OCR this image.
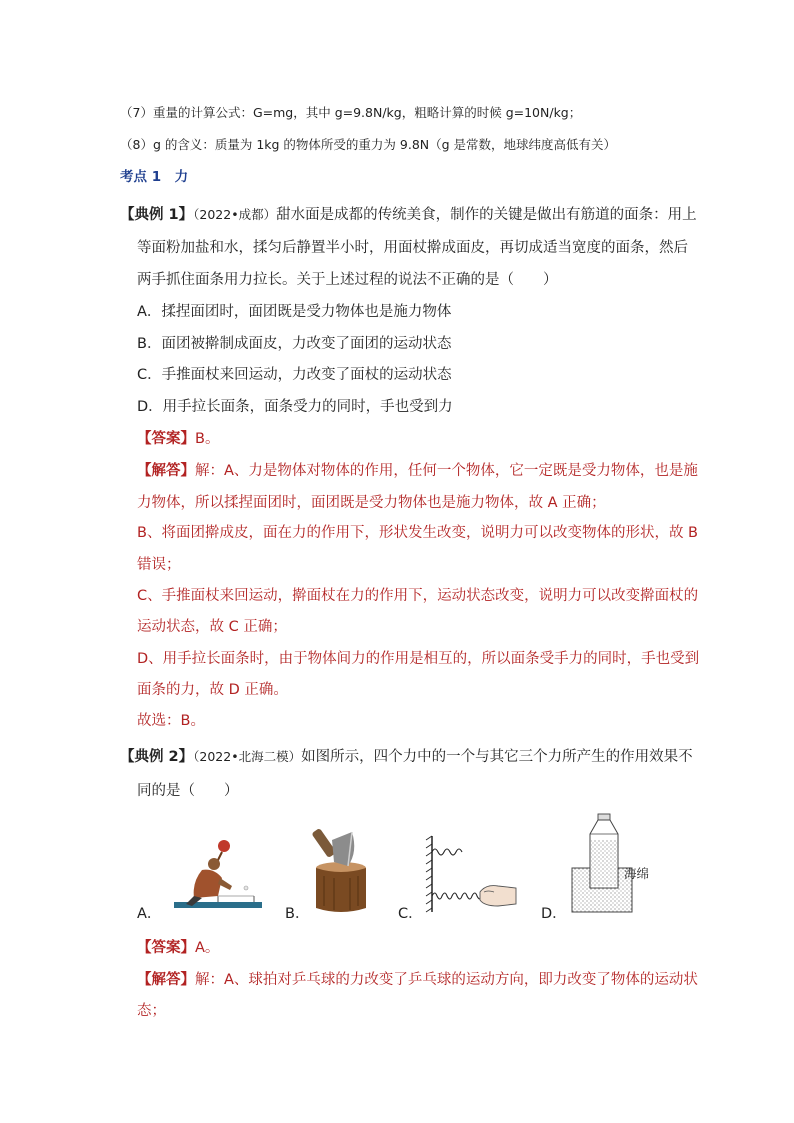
（7）重量的计算公式：G=mg，其中 g=9.8N/kg，粗略计算的时候 g=10N/kg；
（8）g 的含义：质量为 1kg 的物体所受的重力为 9.8N（g 是常数，地球纬度高低有关）
考点 1　力
【典例 1】（2022•成都）甜水面是成都的传统美食，制作的关键是做出有筋道的面条：用上
等面粉加盐和水，揉匀后静置半小时，用面杖擀成面皮，再切成适当宽度的面条，然后
两手抓住面条用力拉长。关于上述过程的说法不正确的是（　　）
A．揉捏面团时，面团既是受力物体也是施力物体
B．面团被擀制成面皮，力改变了面团的运动状态
C．手推面杖来回运动，力改变了面杖的运动状态
D．用手拉长面条，面条受力的同时，手也受到力
【答案】B。
【解答】解：A、力是物体对物体的作用，任何一个物体，它一定既是受力物体，也是施
力物体，所以揉捏面团时，面团既是受力物体也是施力物体，故 A 正确；
B、将面团擀成皮，面在力的作用下，形状发生改变，说明力可以改变物体的形状，故 B
错误；
C、手推面杖来回运动，擀面杖在力的作用下，运动状态改变，说明力可以改变擀面杖的
运动状态，故 C 正确；
D、用手拉长面条时，由于物体间力的作用是相互的，所以面条受手力的同时，手也受到
面条的力，故 D 正确。
故选：B。
【典例 2】（2022•北海二模）如图所示，四个力中的一个与其它三个力所产生的作用效果不
同的是（　　）
A．	B．	C．	D．
海绵
【答案】A。
【解答】解：A、球拍对乒乓球的力改变了乒乓球的运动方向，即力改变了物体的运动状
态；
